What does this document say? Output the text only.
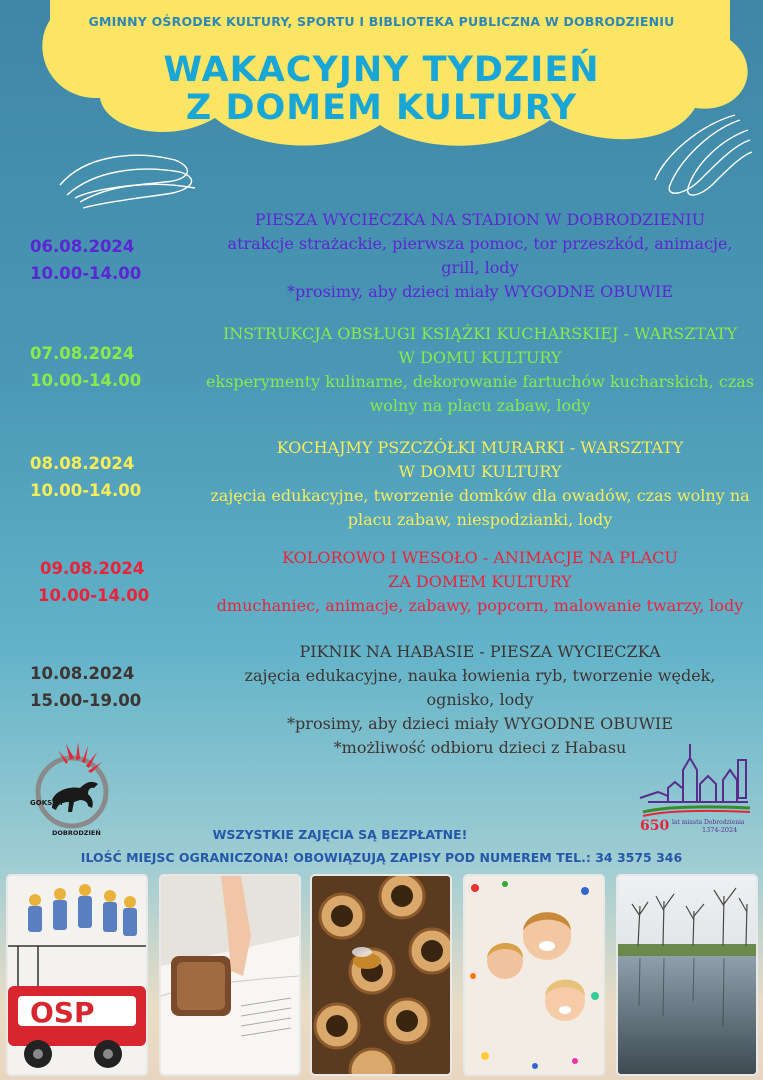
GMINNY OŚRODEK KULTURY, SPORTU I BIBLIOTEKA PUBLICZNA W DOBRODZIENIU
WAKACYJNY TYDZIEŃ
Z DOMEM KULTURY
06.08.2024
10.00-14.00
PIESZA WYCIECZKA NA STADION W DOBRODZIENIU
atrakcje strażackie, pierwsza pomoc, tor przeszkód, animacje,
grill, lody
*prosimy, aby dzieci miały WYGODNE OBUWIE
07.08.2024
10.00-14.00
INSTRUKCJA OBSŁUGI KSIĄŻKI KUCHARSKIEJ - WARSZTATY
W DOMU KULTURY
eksperymenty kulinarne, dekorowanie fartuchów kucharskich, czas
wolny na placu zabaw, lody
08.08.2024
10.00-14.00
KOCHAJMY PSZCZÓŁKI MURARKI - WARSZTATY
W DOMU KULTURY
zajęcia edukacyjne, tworzenie domków dla owadów, czas wolny na
placu zabaw, niespodzianki, lody
09.08.2024
10.00-14.00
KOLOROWO I WESOŁO - ANIMACJE NA PLACU
ZA DOMEM KULTURY
dmuchaniec, animacje, zabawy, popcorn, malowanie twarzy, lody
10.08.2024
15.00-19.00
PIKNIK NA HABASIE - PIESZA WYCIECZKA
zajęcia edukacyjne, nauka łowienia ryb, tworzenie wędek,
ognisko, lody
*prosimy, aby dzieci miały WYGODNE OBUWIE
*możliwość odbioru dzieci z Habasu
GOKSIBP
DOBRODZIEŃ	650 lat miasta Dobrodzienia
1374-2024
WSZYSTKIE ZAJĘCIA SĄ BEZPŁATNE!
ILOŚĆ MIEJSC OGRANICZONA! OBOWIĄZUJĄ ZAPISY POD NUMEREM TEL.: 34 3575 346
OSP
